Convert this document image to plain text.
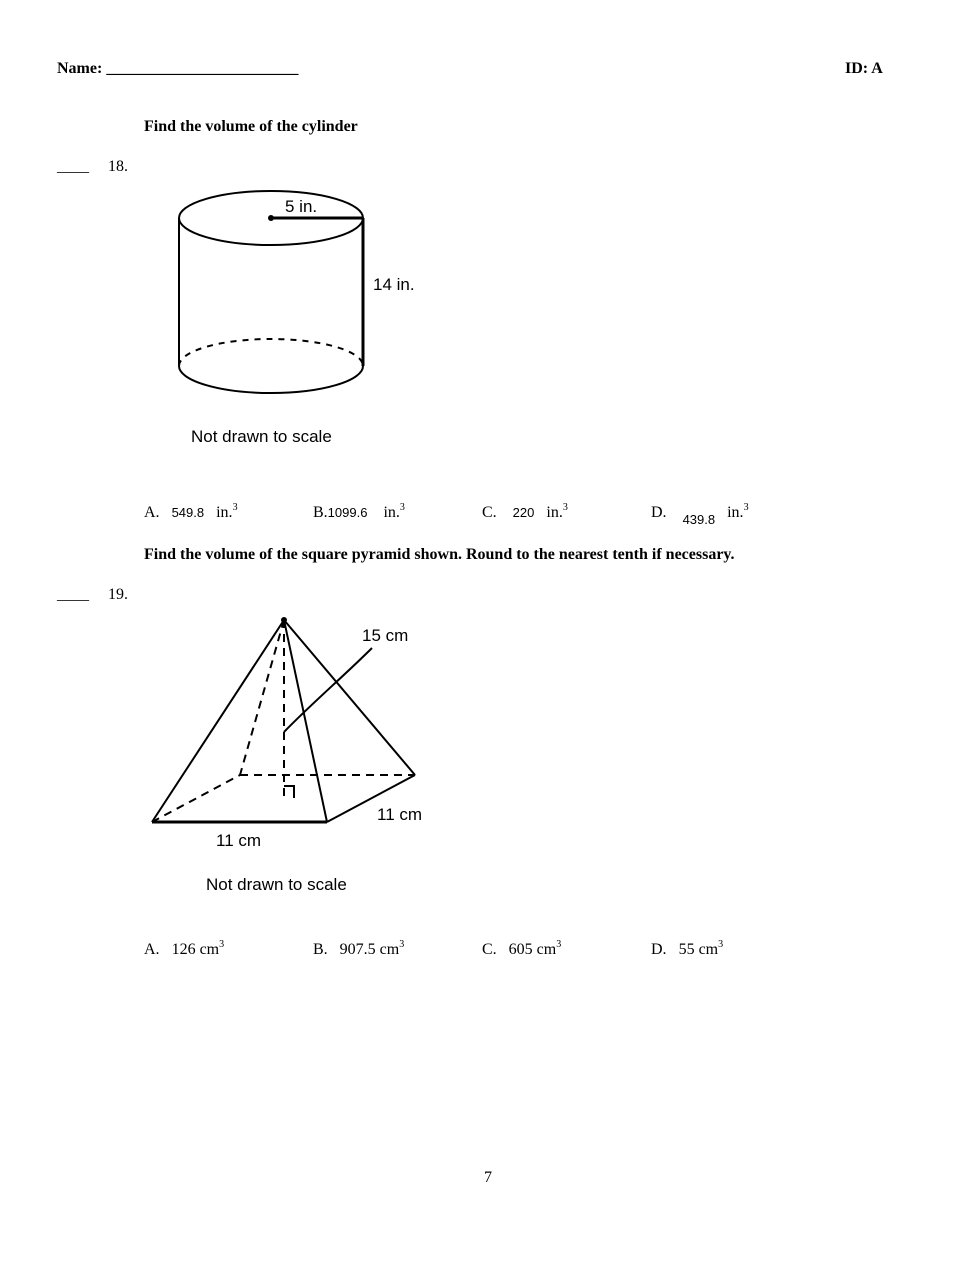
Name: ________________________	ID: A
Find the volume of the cylinder
____ 18.
5 in.
14 in.
Not drawn to scale
A. 549.8 in.$^3$	B.1099.6 in.$^3$	C. 220 in.$^3$	D. $_{439.8}$ in.$^3$
Find the volume of the square pyramid shown. Round to the nearest tenth if necessary.
____ 19.
15 cm
11 cm
11 cm
Not drawn to scale
A. 126 $cm^3$	B. 907.5 $cm^3$	C. 605 $cm^3$	D. 55 $cm^3$
7
